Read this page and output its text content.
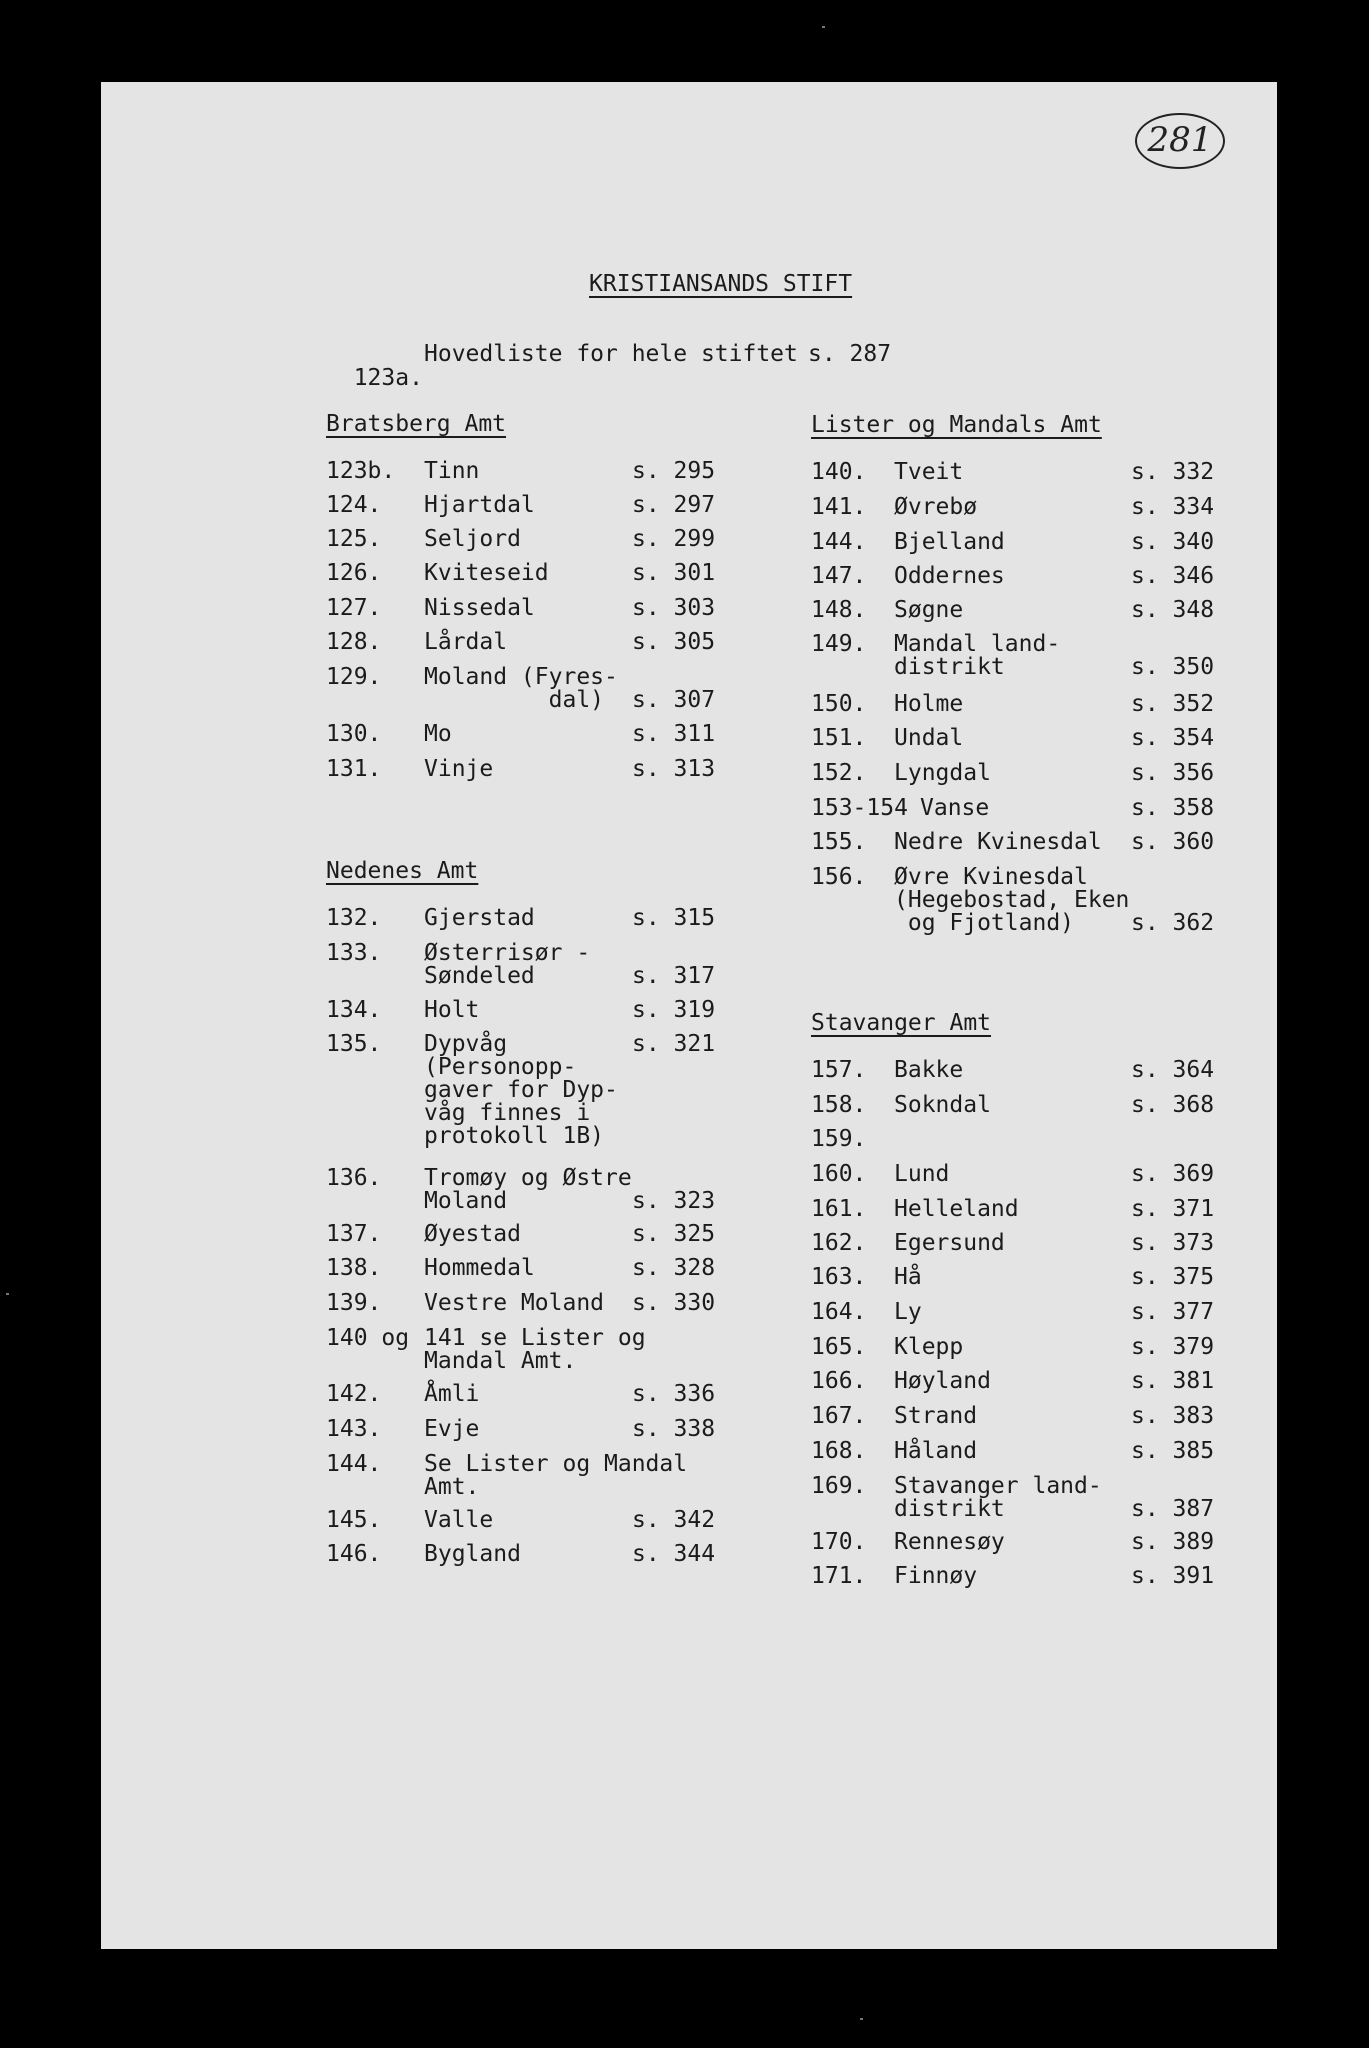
281
KRISTIANSANDS STIFT

123a.

Hovedliste for hele stiftet s. 287
Bratsberg Amt
123b. Tinn	s. 295
124. Hjartdal	s. 297
125. Seljord	s. 299
126. Kviteseid	s. 301
127. Nissedal	s. 303
128. Lårdal	s. 305
129. Moland (Fyres-
dal) s. 307
130. Mo	s. 311
131. Vinje	s. 313
Nedenes Amt
132. Gjerstad	s. 315
133. Østerrisør -
Søndeled	s. 317
134. Holt	s. 319
135. Dypvåg
(Personopp-
gaver for Dyp-
våg finnes i
protokoll 1B)
s. 321
136. Tromøy og Østre
Moland	s. 323
137. Øyestad	s. 325
138. Hommedal	s. 328
139. Vestre Moland s. 330
140 og 141 se Lister og
Mandal Amt.
142. Åmli	s. 336
143. Evje	s. 338
144. Se Lister og Mandal
Amt.
145. Valle	s. 342
146. Bygland	s. 344
Lister og Mandals Amt
140. Tveit	s. 332
141. Øvrebø	s. 334
144. Bjelland	s. 340
147. Oddernes	s. 346
148. Søgne	s. 348
149. Mandal land-
distrikt	s. 350
150. Holme	s. 352
151. Undal	s. 354
152. Lyngdal	s. 356
153-154 Vanse	s. 358
155. Nedre Kvinesdal s. 360
156. Øvre Kvinesdal
(Hegebostad, Eken
og Fjotland) s. 362
Stavanger Amt
157. Bakke	s. 364
158. Sokndal	s. 368
159.
160. Lund	s. 369
161. Helleland	s. 371
162. Egersund	s. 373
163. Hå	s. 375
164. Ly	s. 377
165. Klepp	s. 379
166. Høyland	s. 381
167. Strand	s. 383
168. Håland	s. 385
169. Stavanger land-
distrikt	s. 387
170. Rennesøy	s. 389
171. Finnøy	s. 391
